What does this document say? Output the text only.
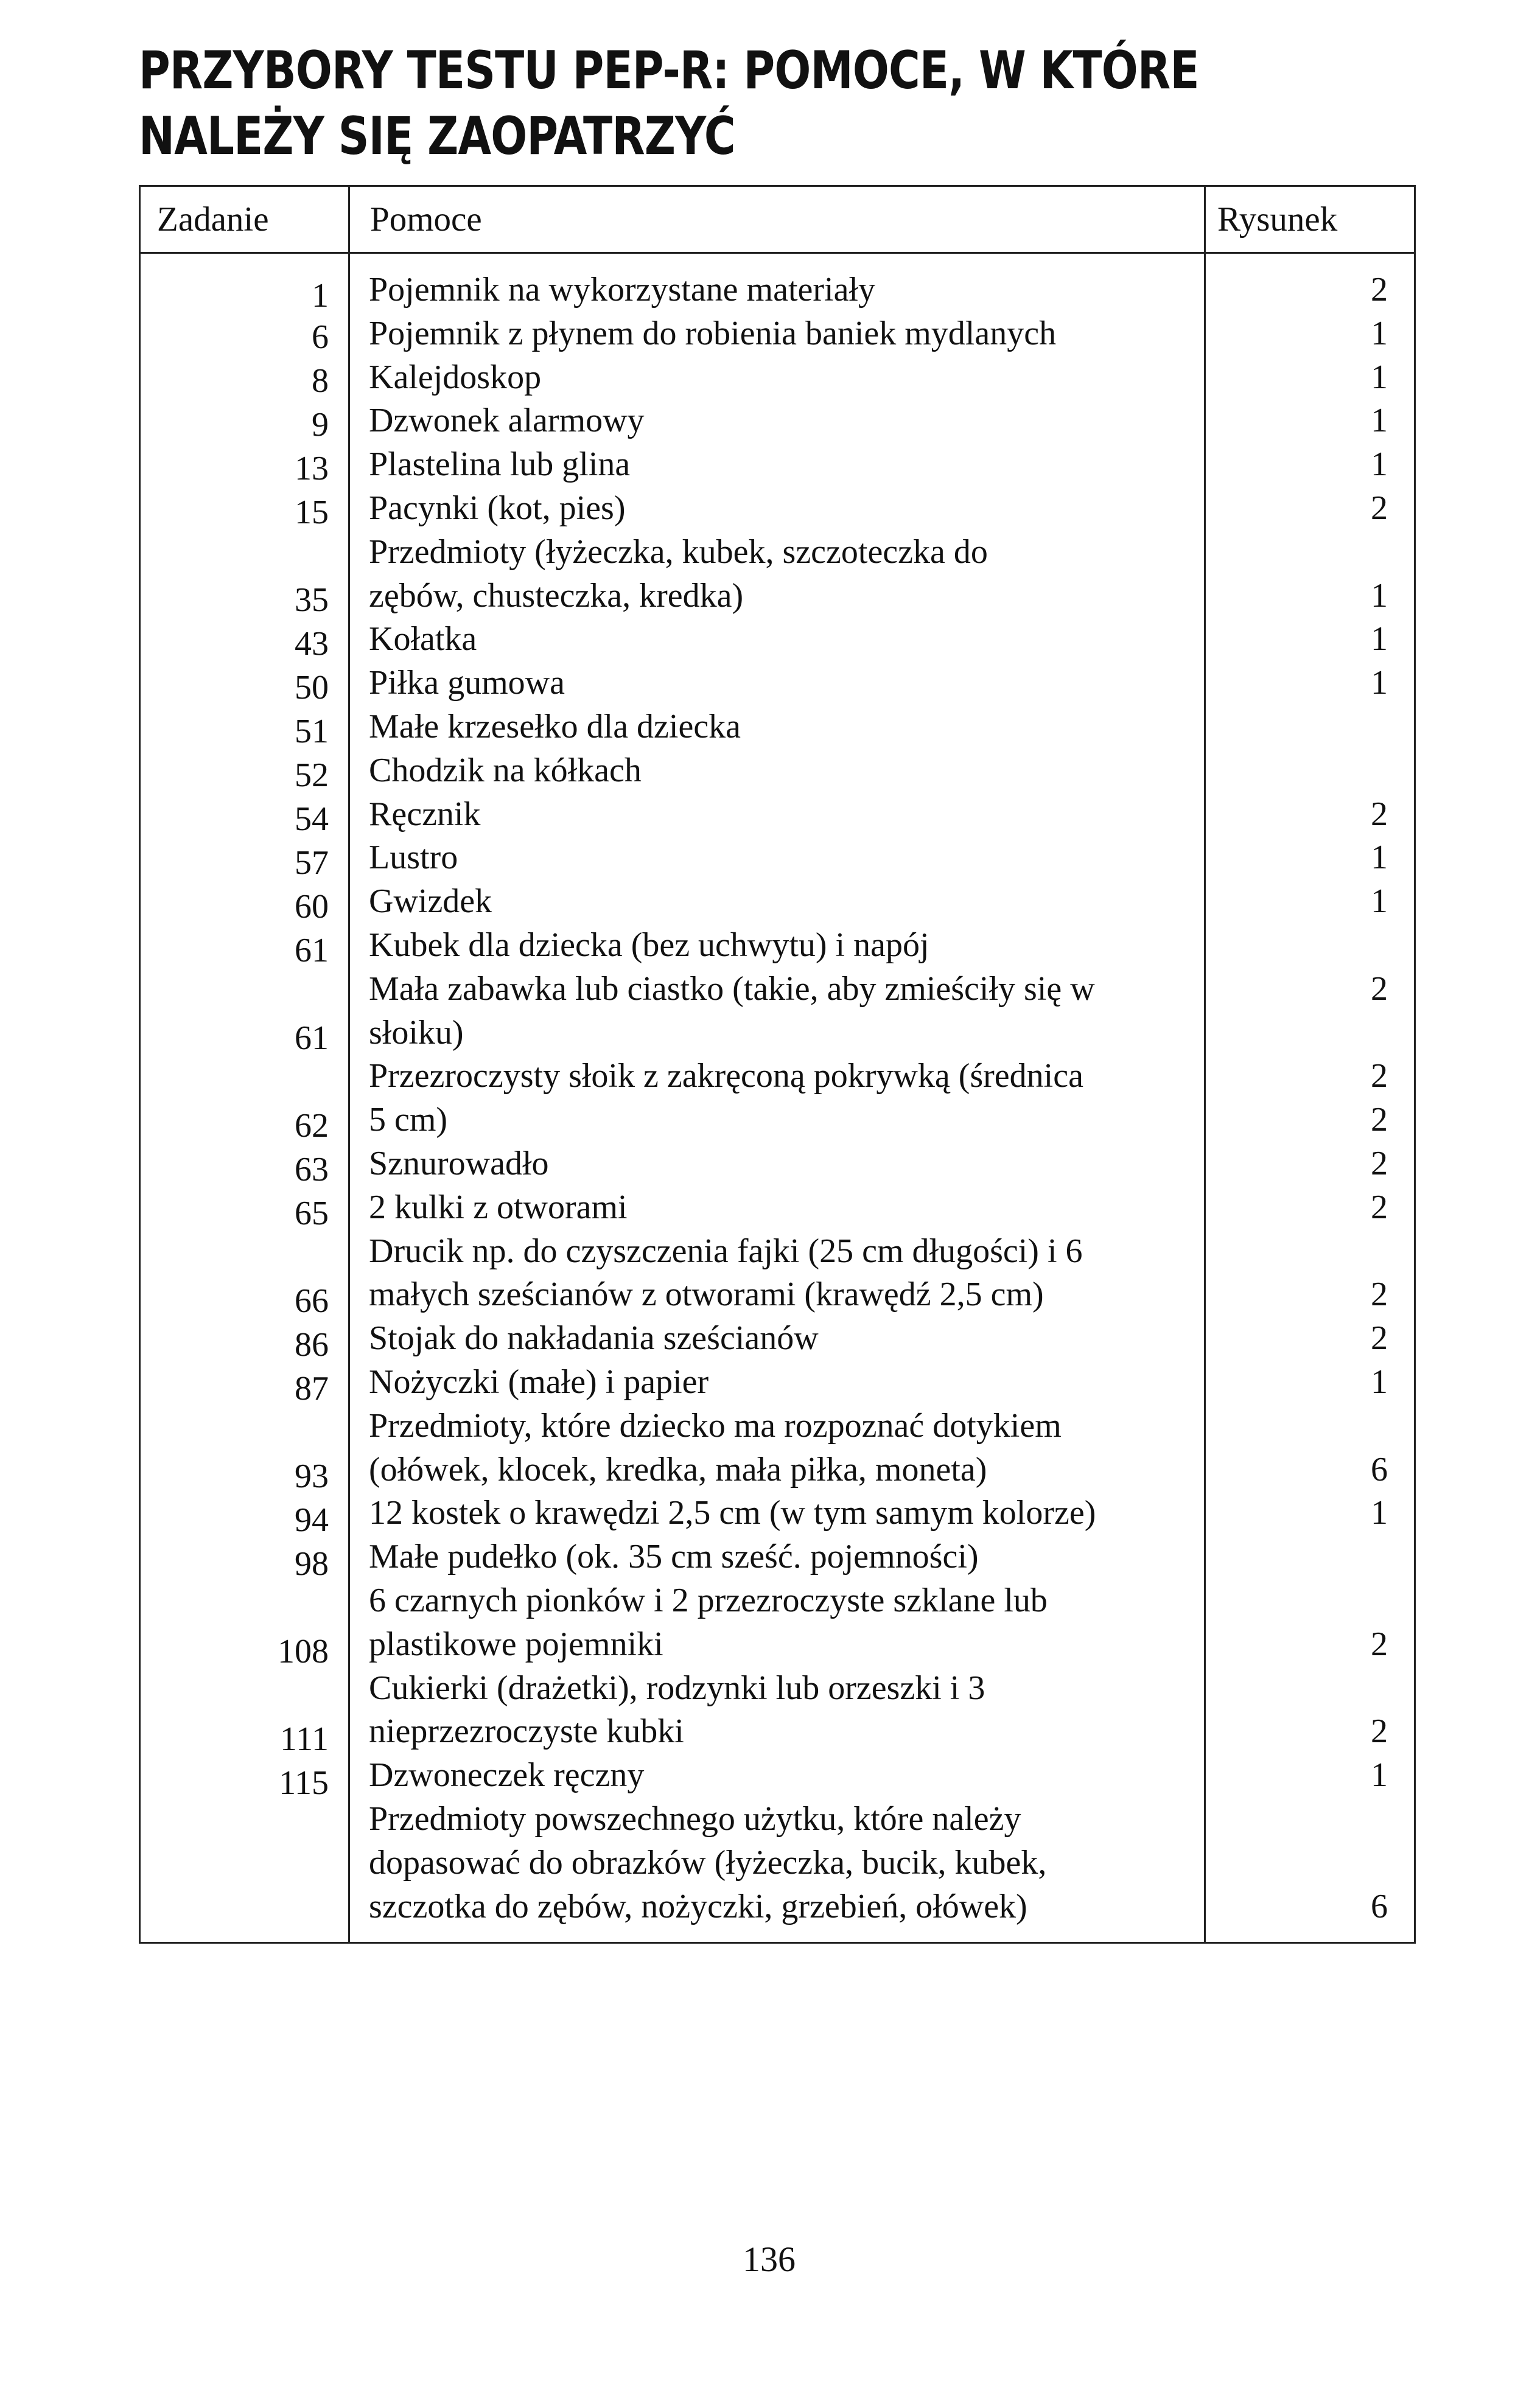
PRZYBORY TESTU PEP-R: POMOCE, W KTÓRE NALEŻY SIĘ ZAOPATRZYĆ
Zadanie	Pomoce	Rysunek
1
6
8
9
13
15
35
43
50
51
52
54
57
60
61
61
62
63
65
66
86
87
93
94
98
108
111
115
Pojemnik na wykorzystane materiały
Pojemnik z płynem do robienia baniek mydlanych
Kalejdoskop
Dzwonek alarmowy
Plastelina lub glina
Pacynki (kot, pies)
Przedmioty (łyżeczka, kubek, szczoteczka do
zębów, chusteczka, kredka)
Kołatka
Piłka gumowa
Małe krzesełko dla dziecka
Chodzik na kółkach
Ręcznik
Lustro
Gwizdek
Kubek dla dziecka (bez uchwytu) i napój
Mała zabawka lub ciastko (takie, aby zmieściły się w
słoiku)
Przezroczysty słoik z zakręconą pokrywką (średnica
5 cm)
Sznurowadło
2 kulki z otworami
Drucik np. do czyszczenia fajki (25 cm długości) i 6
małych sześcianów z otworami (krawędź 2,5 cm)
Stojak do nakładania sześcianów
Nożyczki (małe) i papier
Przedmioty, które dziecko ma rozpoznać dotykiem
(ołówek, klocek, kredka, mała piłka, moneta)
12 kostek o krawędzi 2,5 cm (w tym samym kolorze)
Małe pudełko (ok. 35 cm sześć. pojemności)
6 czarnych pionków i 2 przezroczyste szklane lub
plastikowe pojemniki
Cukierki (drażetki), rodzynki lub orzeszki i 3
nieprzezroczyste kubki
Dzwoneczek ręczny
Przedmioty powszechnego użytku, które należy
dopasować do obrazków (łyżeczka, bucik, kubek,
szczotka do zębów, nożyczki, grzebień, ołówek)
2
1
1
1
1
2
1
1
1
2
1
1
2
2
2
2
2
2
2
1
6
1
2
2
1
6
136
